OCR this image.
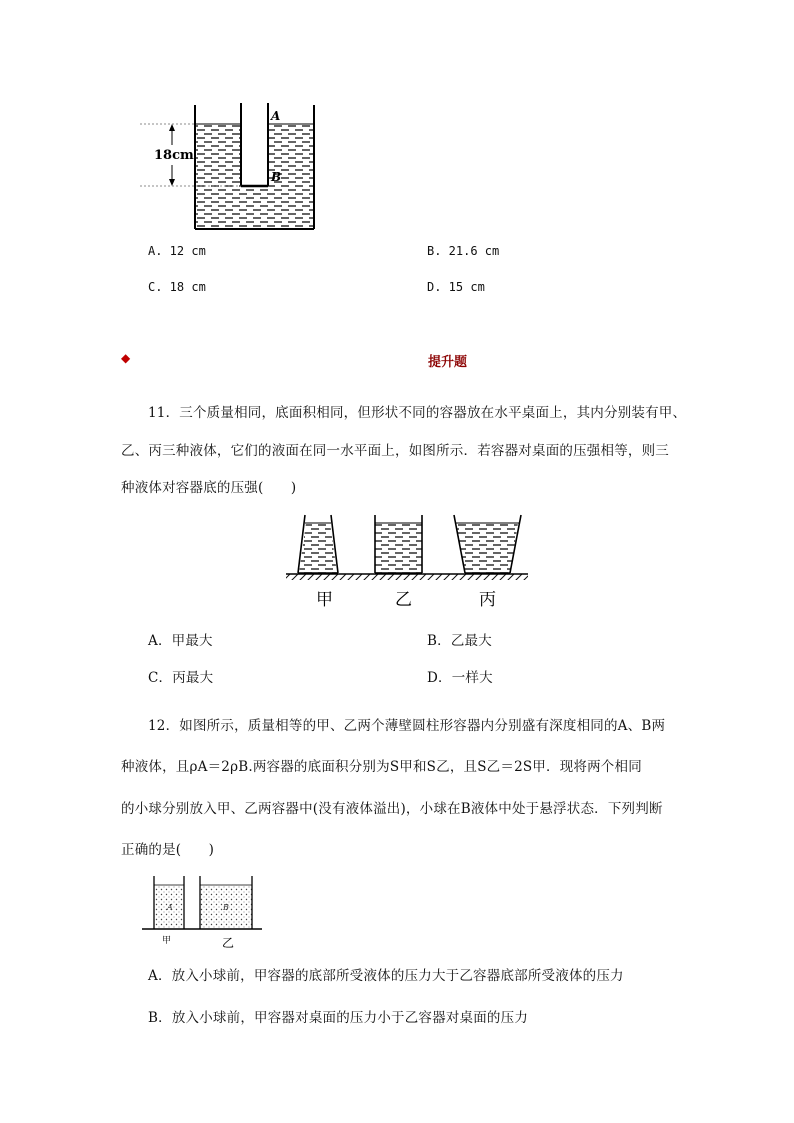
18cm
A
B
A. 12 cm	B. 21.6 cm
C. 18 cm	D. 15 cm
◆	提升题
11．三个质量相同，底面积相同，但形状不同的容器放在水平桌面上，其内分别装有甲、
乙、丙三种液体，它们的液面在同一水平面上，如图所示．若容器对桌面的压强相等，则三
种液体对容器底的压强(　　)
甲	乙	丙
A．甲最大	B．乙最大
C．丙最大	D．一样大
12．如图所示，质量相等的甲、乙两个薄壁圆柱形容器内分别盛有深度相同的A、B两
种液体，且ρA＝2ρB.两容器的底面积分别为S甲和S乙，且S乙＝2S甲．现将两个相同
的小球分别放入甲、乙两容器中(没有液体溢出)，小球在B液体中处于悬浮状态．下列判断
正确的是(　　)
A	B
甲	乙
A．放入小球前，甲容器的底部所受液体的压力大于乙容器底部所受液体的压力
B．放入小球前，甲容器对桌面的压力小于乙容器对桌面的压力
